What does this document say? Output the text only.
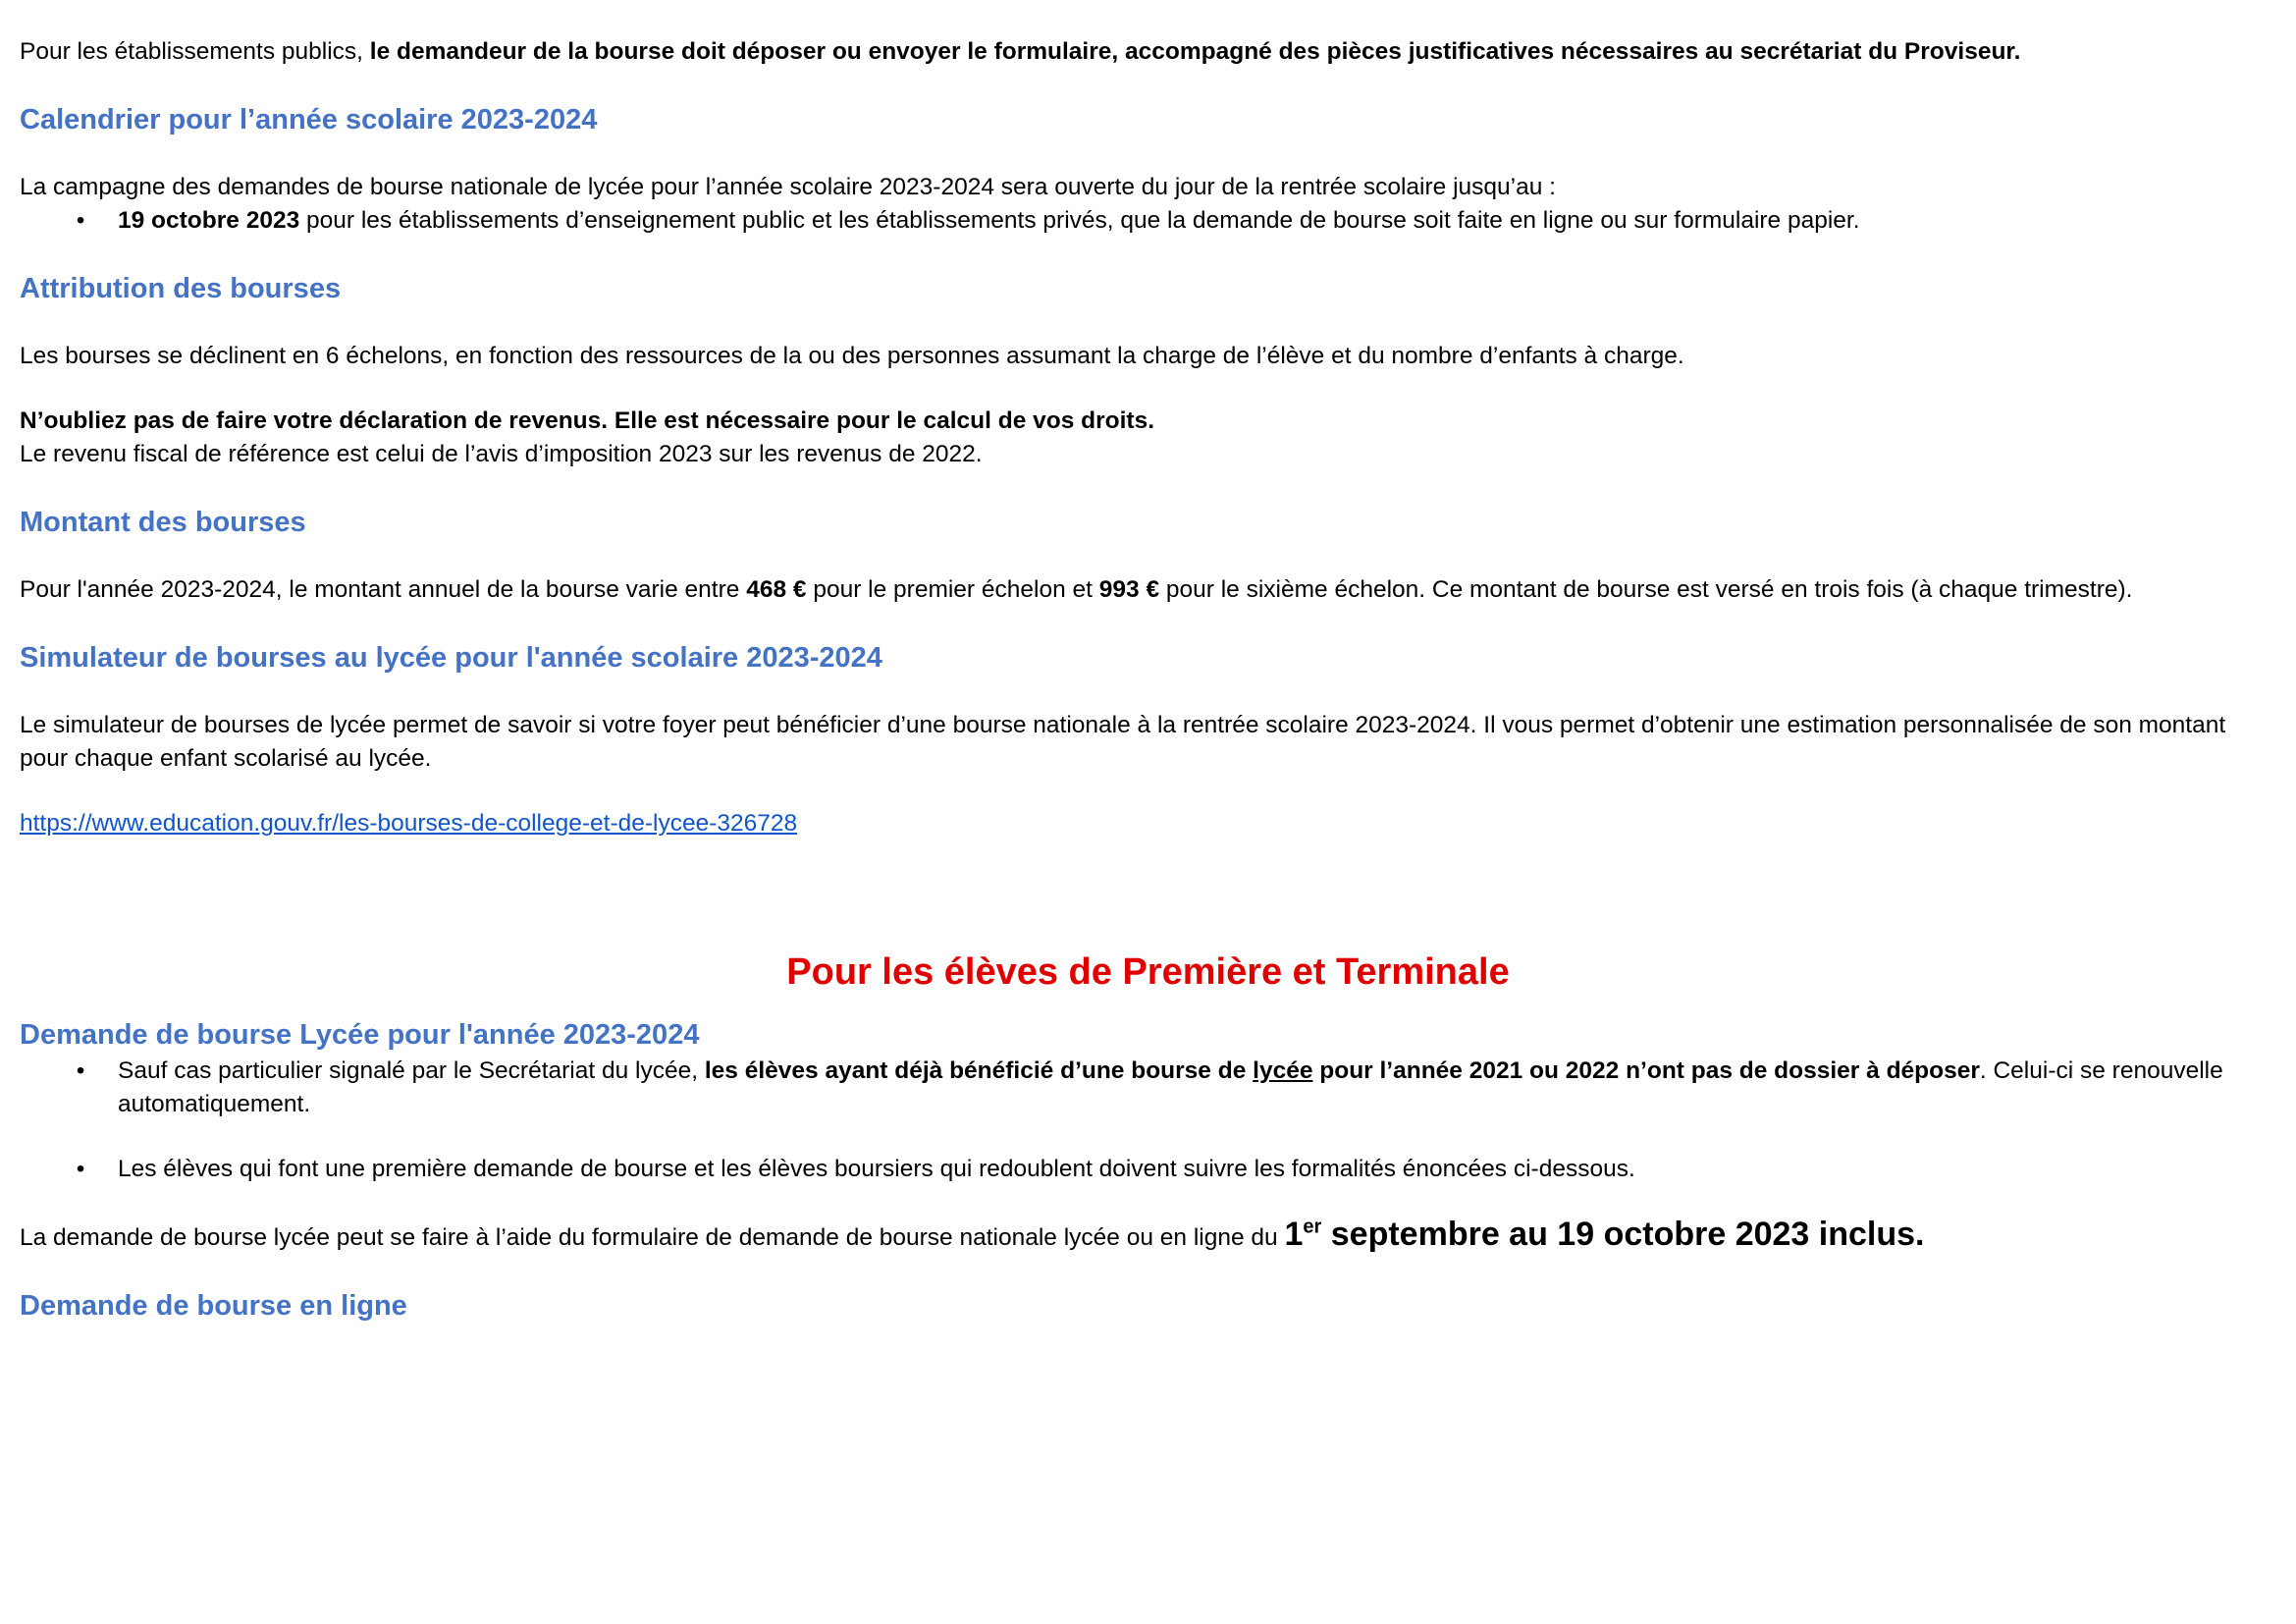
Pour les établissements publics, le demandeur de la bourse doit déposer ou envoyer le formulaire, accompagné des pièces justificatives nécessaires au secrétariat du Proviseur.

Calendrier pour l’année scolaire 2023-2024

La campagne des demandes de bourse nationale de lycée pour l’année scolaire 2023-2024 sera ouverte du jour de la rentrée scolaire jusqu’au :

• 19 octobre 2023 pour les établissements d’enseignement public et les établissements privés, que la demande de bourse soit faite en ligne ou sur formulaire papier.
Attribution des bourses

Les bourses se déclinent en 6 échelons, en fonction des ressources de la ou des personnes assumant la charge de l’élève et du nombre d’enfants à charge.

N’oubliez pas de faire votre déclaration de revenus. Elle est nécessaire pour le calcul de vos droits.

Le revenu fiscal de référence est celui de l’avis d’imposition 2023 sur les revenus de 2022.

Montant des bourses

Pour l'année 2023-2024, le montant annuel de la bourse varie entre 468 € pour le premier échelon et 993 € pour le sixième échelon. Ce montant de bourse est versé en trois fois (à chaque trimestre).

Simulateur de bourses au lycée pour l'année scolaire 2023-2024

Le simulateur de bourses de lycée permet de savoir si votre foyer peut bénéficier d’une bourse nationale à la rentrée scolaire 2023-2024. Il vous permet d’obtenir une estimation personnalisée de son montant pour chaque enfant scolarisé au lycée.

https://www.education.gouv.fr/les-bourses-de-college-et-de-lycee-326728

Pour les élèves de Première et Terminale
Demande de bourse Lycée pour l'année 2023-2024
• Sauf cas particulier signalé par le Secrétariat du lycée, les élèves ayant déjà bénéficié d’une bourse de lycée pour l’année 2021 ou 2022 n’ont pas de dossier à déposer. Celui-ci se renouvelle automatiquement.
• Les élèves qui font une première demande de bourse et les élèves boursiers qui redoublent doivent suivre les formalités énoncées ci-dessous.

La demande de bourse lycée peut se faire à l’aide du formulaire de demande de bourse nationale lycée ou en ligne du 1er septembre au 19 octobre 2023 inclus.

Demande de bourse en ligne
